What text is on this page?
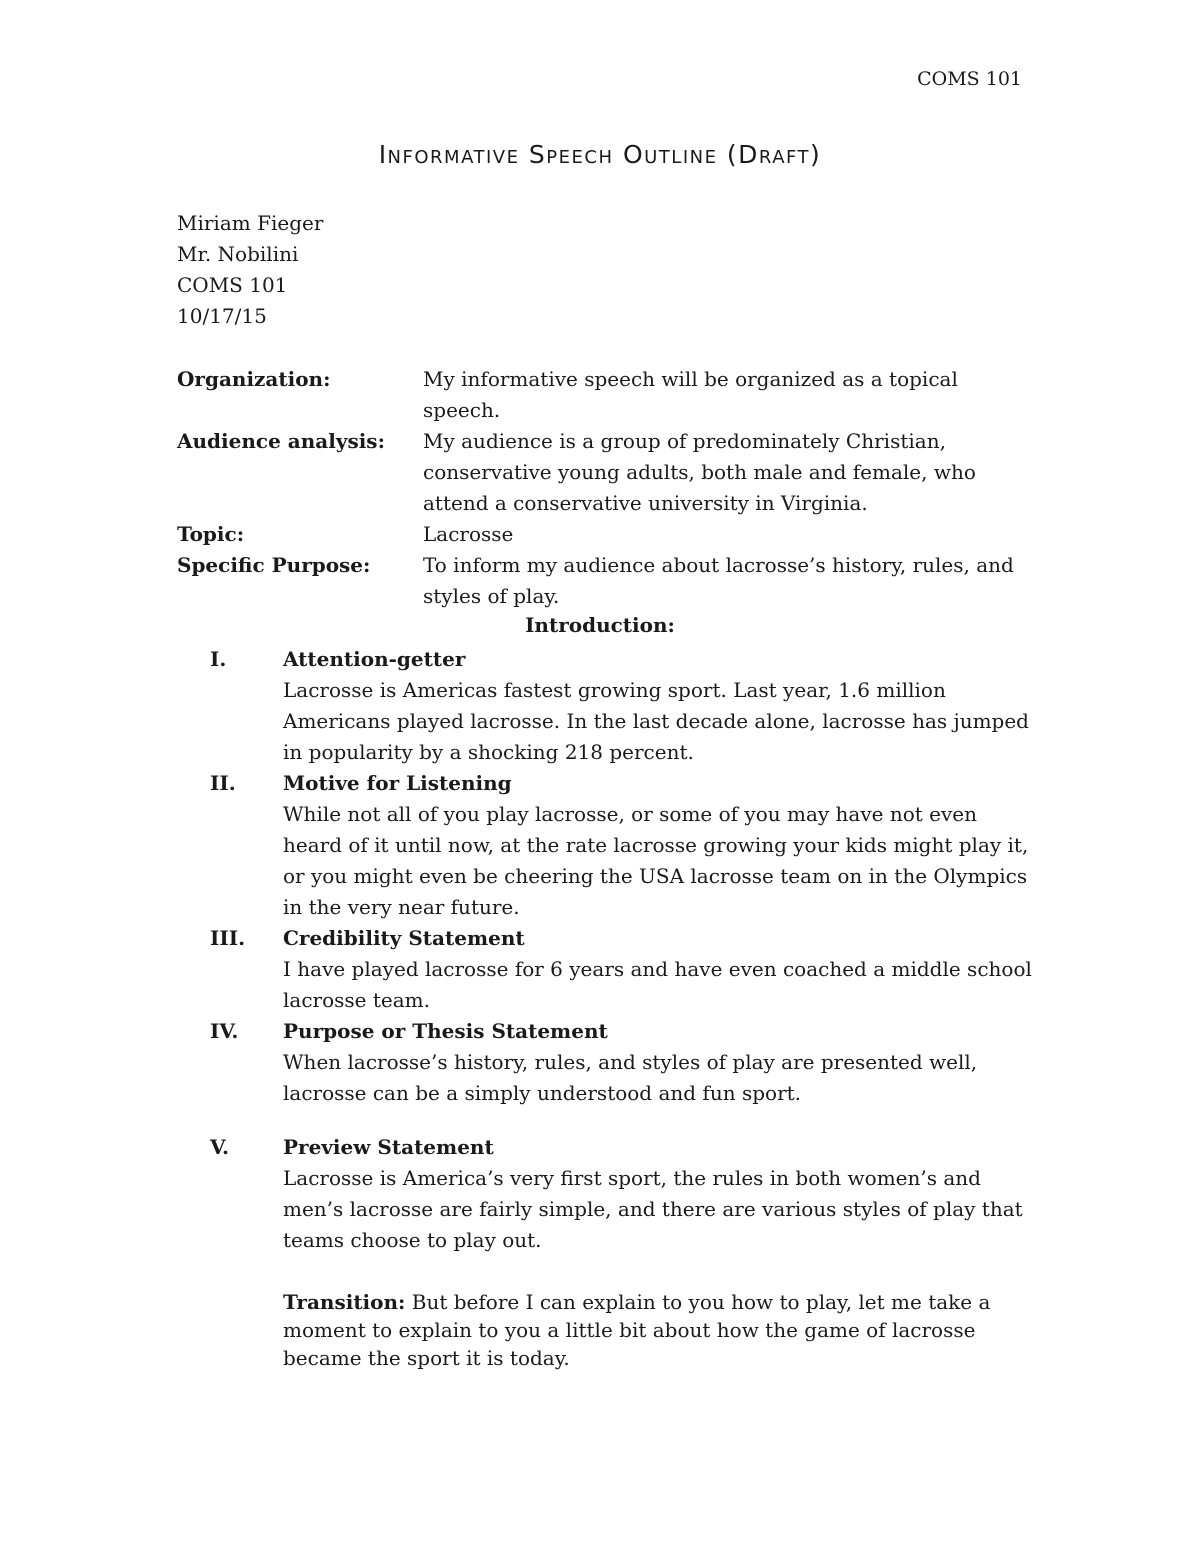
COMS 101
Informative Speech Outline (Draft)
Miriam Fieger
Mr. Nobilini
COMS 101
10/17/15
Organization:	My informative speech will be organized as a topical speech.
Audience analysis:	My audience is a group of predominately Christian, conservative young adults, both male and female, who attend a conservative university in Virginia.
Topic:	Lacrosse
Specific Purpose:	To inform my audience about lacrosse’s history, rules, and styles of play.
Introduction:
I.	Attention-getter
Lacrosse is Americas fastest growing sport. Last year, 1.6 million Americans played lacrosse. In the last decade alone, lacrosse has jumped in popularity by a shocking 218 percent.
II.	Motive for Listening
While not all of you play lacrosse, or some of you may have not even heard of it until now, at the rate lacrosse growing your kids might play it, or you might even be cheering the USA lacrosse team on in the Olympics in the very near future.
III.	Credibility Statement
I have played lacrosse for 6 years and have even coached a middle school lacrosse team.
IV.	Purpose or Thesis Statement
When lacrosse’s history, rules, and styles of play are presented well, lacrosse can be a simply understood and fun sport.
V.	Preview Statement
Lacrosse is America’s very first sport, the rules in both women’s and men’s lacrosse are fairly simple, and there are various styles of play that teams choose to play out.
Transition: But before I can explain to you how to play, let me take a moment to explain to you a little bit about how the game of lacrosse became the sport it is today.
